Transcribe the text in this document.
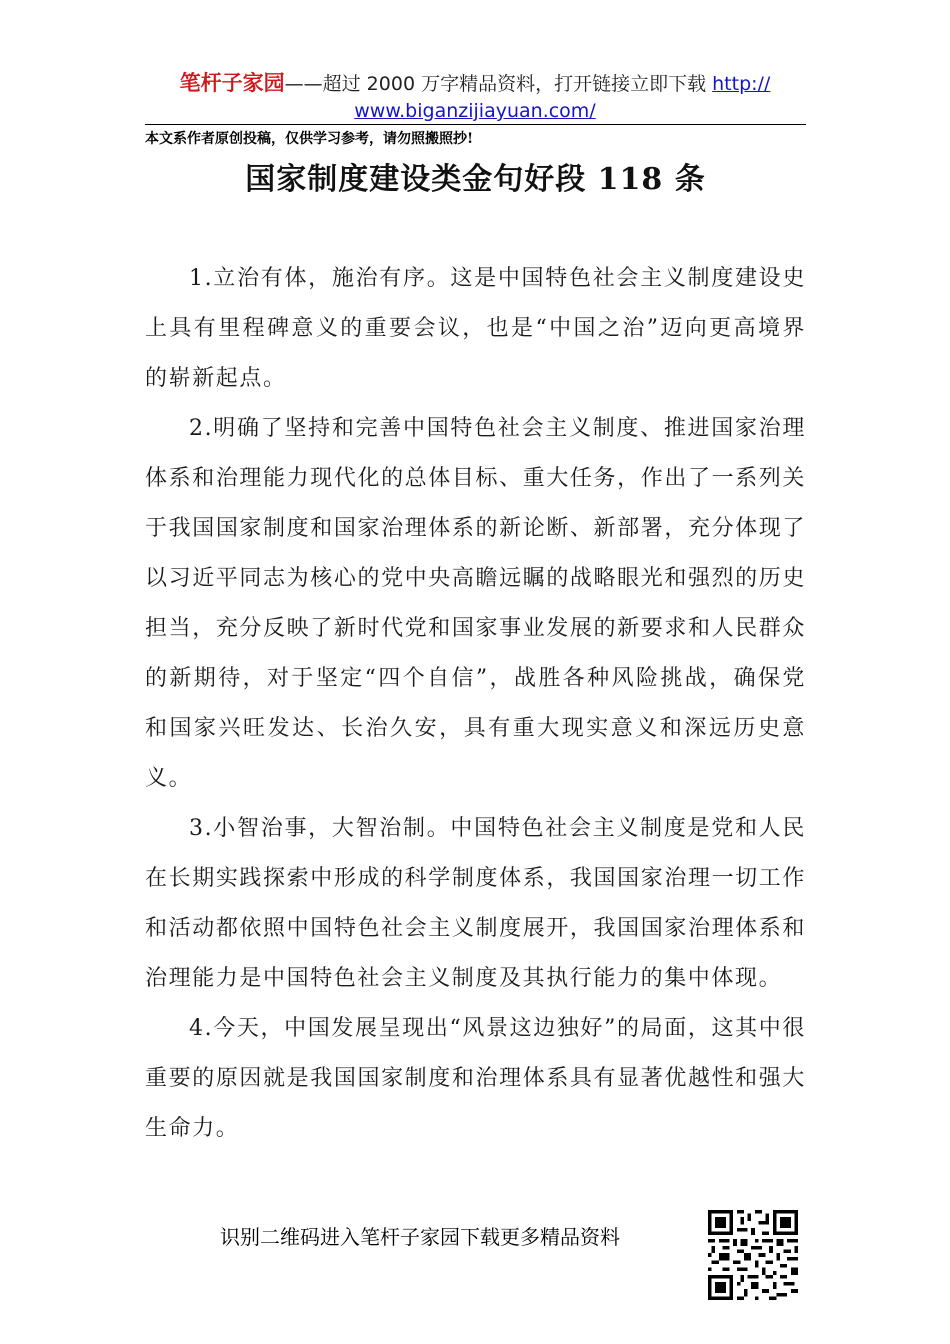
笔杆子家园——超过 2000 万字精品资料，打开链接立即下载 http://
www.biganzijiayuan.com/
本文系作者原创投稿，仅供学习参考，请勿照搬照抄!
国家制度建设类金句好段 118 条

1.立治有体，施治有序。这是中国特色社会主义制度建设史上具有里程碑意义的重要会议，也是“中国之治”迈向更高境界的崭新起点。

2.明确了坚持和完善中国特色社会主义制度、推进国家治理体系和治理能力现代化的总体目标、重大任务，作出了一系列关于我国国家制度和国家治理体系的新论断、新部署，充分体现了以习近平同志为核心的党中央高瞻远瞩的战略眼光和强烈的历史担当，充分反映了新时代党和国家事业发展的新要求和人民群众的新期待，对于坚定“四个自信”，战胜各种风险挑战，确保党和国家兴旺发达、长治久安，具有重大现实意义和深远历史意义。

3.小智治事，大智治制。中国特色社会主义制度是党和人民在长期实践探索中形成的科学制度体系，我国国家治理一切工作和活动都依照中国特色社会主义制度展开，我国国家治理体系和治理能力是中国特色社会主义制度及其执行能力的集中体现。

4.今天，中国发展呈现出“风景这边独好”的局面，这其中很重要的原因就是我国国家制度和治理体系具有显著优越性和强大生命力。

识别二维码进入笔杆子家园下载更多精品资料
